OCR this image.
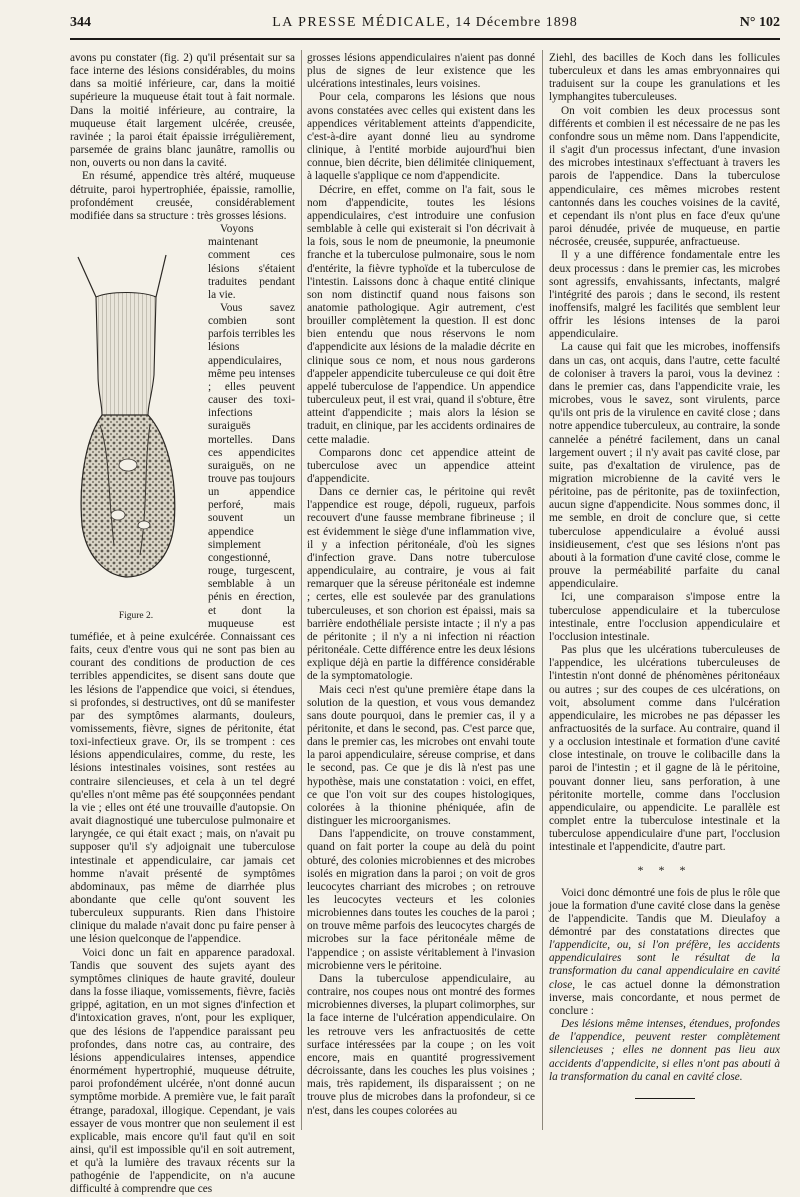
344	LA PRESSE MÉDICALE, 14 Décembre 1898	N° 102

avons pu constater (fig. 2) qu'il présentait sur sa face interne des lésions considérables, du moins dans sa moitié inférieure, car, dans la moitié supérieure la muqueuse était tout à fait normale. Dans la moitié inférieure, au contraire, la muqueuse était largement ulcérée, creusée, ravinée ; la paroi était épaissie irrégulièrement, parsemée de grains blanc jaunâtre, ramollis ou non, ouverts ou non dans la cavité.

En résumé, appendice très altéré, muqueuse détruite, paroi hypertrophiée, épaissie, ramollie, profondément creusée, considérablement modifiée dans sa structure : très grosses lésions.

Figure 2.

Voyons maintenant comment ces lésions s'étaient traduites pendant la vie.

Vous savez combien sont parfois terribles les lésions appendiculaires, même peu intenses ; elles peuvent causer des toxi-infections suraiguës mortelles. Dans ces appendicites suraiguës, on ne trouve pas toujours un appendice perforé, mais souvent un appendice simplement congestionné, rouge, turgescent, semblable à un pénis en érection, et dont la muqueuse est tuméfiée, et à peine exulcérée. Connaissant ces faits, ceux d'entre vous qui ne sont pas bien au courant des conditions de production de ces terribles appendicites, se disent sans doute que les lésions de l'appendice que voici, si étendues, si profondes, si destructives, ont dû se manifester par des symptômes alarmants, douleurs, vomissements, fièvre, signes de péritonite, état toxi-infectieux grave. Or, ils se trompent : ces lésions appendiculaires, comme, du reste, les lésions intestinales voisines, sont restées au contraire silencieuses, et cela à un tel degré qu'elles n'ont même pas été soupçonnées pendant la vie ; elles ont été une trouvaille d'autopsie. On avait diagnostiqué une tuberculose pulmonaire et laryngée, ce qui était exact ; mais, on n'avait pu supposer qu'il s'y adjoignait une tuberculose intestinale et appendiculaire, car jamais cet homme n'avait présenté de symptômes abdominaux, pas même de diarrhée plus abondante que celle qu'ont souvent les tuberculeux suppurants. Rien dans l'histoire clinique du malade n'avait donc pu faire penser à une lésion quelconque de l'appendice.

Voici donc un fait en apparence paradoxal. Tandis que souvent des sujets ayant des symptômes cliniques de haute gravité, douleur dans la fosse iliaque, vomissements, fièvre, faciès grippé, agitation, en un mot signes d'infection et d'intoxication graves, n'ont, pour les expliquer, que des lésions de l'appendice paraissant peu profondes, dans notre cas, au contraire, des lésions appendiculaires intenses, appendice énormément hypertrophié, muqueuse détruite, paroi profondément ulcérée, n'ont donné aucun symptôme morbide. A première vue, le fait paraît étrange, paradoxal, illogique. Cependant, je vais essayer de vous montrer que non seulement il est explicable, mais encore qu'il faut qu'il en soit ainsi, qu'il est impossible qu'il en soit autrement, et qu'à la lumière des travaux récents sur la pathogénie de l'appendicite, on n'a aucune difficulté à comprendre que ces

grosses lésions appendiculaires n'aient pas donné plus de signes de leur existence que les ulcérations intestinales, leurs voisines.

Pour cela, comparons les lésions que nous avons constatées avec celles qui existent dans les appendices véritablement atteints d'appendicite, c'est-à-dire ayant donné lieu au syndrome clinique, à l'entité morbide aujourd'hui bien connue, bien décrite, bien délimitée cliniquement, à laquelle s'applique ce nom d'appendicite.

Décrire, en effet, comme on l'a fait, sous le nom d'appendicite, toutes les lésions appendiculaires, c'est introduire une confusion semblable à celle qui existerait si l'on décrivait à la fois, sous le nom de pneumonie, la pneumonie franche et la tuberculose pulmonaire, sous le nom d'entérite, la fièvre typhoïde et la tuberculose de l'intestin. Laissons donc à chaque entité clinique son nom distinctif quand nous faisons son anatomie pathologique. Agir autrement, c'est brouiller complètement la question. Il est donc bien entendu que nous réservons le nom d'appendicite aux lésions de la maladie décrite en clinique sous ce nom, et nous nous garderons d'appeler appendicite tuberculeuse ce qui doit être appelé tuberculose de l'appendice. Un appendice tuberculeux peut, il est vrai, quand il s'obture, être atteint d'appendicite ; mais alors la lésion se traduit, en clinique, par les accidents ordinaires de cette maladie.

Comparons donc cet appendice atteint de tuberculose avec un appendice atteint d'appendicite.

Dans ce dernier cas, le péritoine qui revêt l'appendice est rouge, dépoli, rugueux, parfois recouvert d'une fausse membrane fibrineuse ; il est évidemment le siège d'une inflammation vive, il y a infection péritonéale, d'où les signes d'infection grave. Dans notre tuberculose appendiculaire, au contraire, je vous ai fait remarquer que la séreuse péritonéale est indemne ; certes, elle est soulevée par des granulations tuberculeuses, et son chorion est épaissi, mais sa barrière endothéliale persiste intacte ; il n'y a pas de péritonite ; il n'y a ni infection ni réaction péritonéale. Cette différence entre les deux lésions explique déjà en partie la différence considérable de la symptomatologie.

Mais ceci n'est qu'une première étape dans la solution de la question, et vous vous demandez sans doute pourquoi, dans le premier cas, il y a péritonite, et dans le second, pas. C'est parce que, dans le premier cas, les microbes ont envahi toute la paroi appendiculaire, séreuse comprise, et dans le second, pas. Ce que je dis là n'est pas une hypothèse, mais une constatation : voici, en effet, ce que l'on voit sur des coupes histologiques, colorées à la thionine phéniquée, afin de distinguer les microorganismes.

Dans l'appendicite, on trouve constamment, quand on fait porter la coupe au delà du point obturé, des colonies microbiennes et des microbes isolés en migration dans la paroi ; on voit de gros leucocytes charriant des microbes ; on retrouve les leucocytes vecteurs et les colonies microbiennes dans toutes les couches de la paroi ; on trouve même parfois des leucocytes chargés de microbes sur la face péritonéale même de l'appendice ; on assiste véritablement à l'invasion microbienne vers le péritoine.

Dans la tuberculose appendiculaire, au contraire, nos coupes nous ont montré des formes microbiennes diverses, la plupart colimorphes, sur la face interne de l'ulcération appendiculaire. On les retrouve vers les anfractuosités de cette surface intéressées par la coupe ; on les voit encore, mais en quantité progressivement décroissante, dans les couches les plus voisines ; mais, très rapidement, ils disparaissent ; on ne trouve plus de microbes dans la profondeur, si ce n'est, dans les coupes colorées au

Ziehl, des bacilles de Koch dans les follicules tuberculeux et dans les amas embryonnaires qui traduisent sur la coupe les granulations et les lymphangites tuberculeuses.

On voit combien les deux processus sont différents et combien il est nécessaire de ne pas les confondre sous un même nom. Dans l'appendicite, il s'agit d'un processus infectant, d'une invasion des microbes intestinaux s'effectuant à travers les parois de l'appendice. Dans la tuberculose appendiculaire, ces mêmes microbes restent cantonnés dans les couches voisines de la cavité, et cependant ils n'ont plus en face d'eux qu'une paroi dénudée, privée de muqueuse, en partie nécrosée, creusée, suppurée, anfractueuse.

Il y a une différence fondamentale entre les deux processus : dans le premier cas, les microbes sont agressifs, envahissants, infectants, malgré l'intégrité des parois ; dans le second, ils restent inoffensifs, malgré les facilités que semblent leur offrir les lésions intenses de la paroi appendiculaire.

La cause qui fait que les microbes, inoffensifs dans un cas, ont acquis, dans l'autre, cette faculté de coloniser à travers la paroi, vous la devinez : dans le premier cas, dans l'appendicite vraie, les microbes, vous le savez, sont virulents, parce qu'ils ont pris de la virulence en cavité close ; dans notre appendice tuberculeux, au contraire, la sonde cannelée a pénétré facilement, dans un canal largement ouvert ; il n'y avait pas cavité close, par suite, pas d'exaltation de virulence, pas de migration microbienne de la cavité vers le péritoine, pas de péritonite, pas de toxiinfection, aucun signe d'appendicite. Nous sommes donc, il me semble, en droit de conclure que, si cette tuberculose appendiculaire a évolué aussi insidieusement, c'est que ses lésions n'ont pas abouti à la formation d'une cavité close, comme le prouve la perméabilité parfaite du canal appendiculaire.

Ici, une comparaison s'impose entre la tuberculose appendiculaire et la tuberculose intestinale, entre l'occlusion appendiculaire et l'occlusion intestinale.

Pas plus que les ulcérations tuberculeuses de l'appendice, les ulcérations tuberculeuses de l'intestin n'ont donné de phénomènes péritonéaux ou autres ; sur des coupes de ces ulcérations, on voit, absolument comme dans l'ulcération appendiculaire, les microbes ne pas dépasser les anfractuosités de la surface. Au contraire, quand il y a occlusion intestinale et formation d'une cavité close intestinale, on trouve le colibacille dans la paroi de l'intestin ; et il gagne de là le péritoine, pouvant donner lieu, sans perforation, à une péritonite mortelle, comme dans l'occlusion appendiculaire, ou appendicite. Le parallèle est complet entre la tuberculose intestinale et la tuberculose appendiculaire d'une part, l'occlusion intestinale et l'appendicite, d'autre part.

* * *

Voici donc démontré une fois de plus le rôle que joue la formation d'une cavité close dans la genèse de l'appendicite. Tandis que M. Dieulafoy a démontré par des constatations directes que l'appendicite, ou, si l'on préfère, les accidents appendiculaires sont le résultat de la transformation du canal appendiculaire en cavité close, le cas actuel donne la démonstration inverse, mais concordante, et nous permet de conclure :

Des lésions même intenses, étendues, profondes de l'appendice, peuvent rester complètement silencieuses ; elles ne donnent pas lieu aux accidents d'appendicite, si elles n'ont pas abouti à la transformation du canal en cavité close.
